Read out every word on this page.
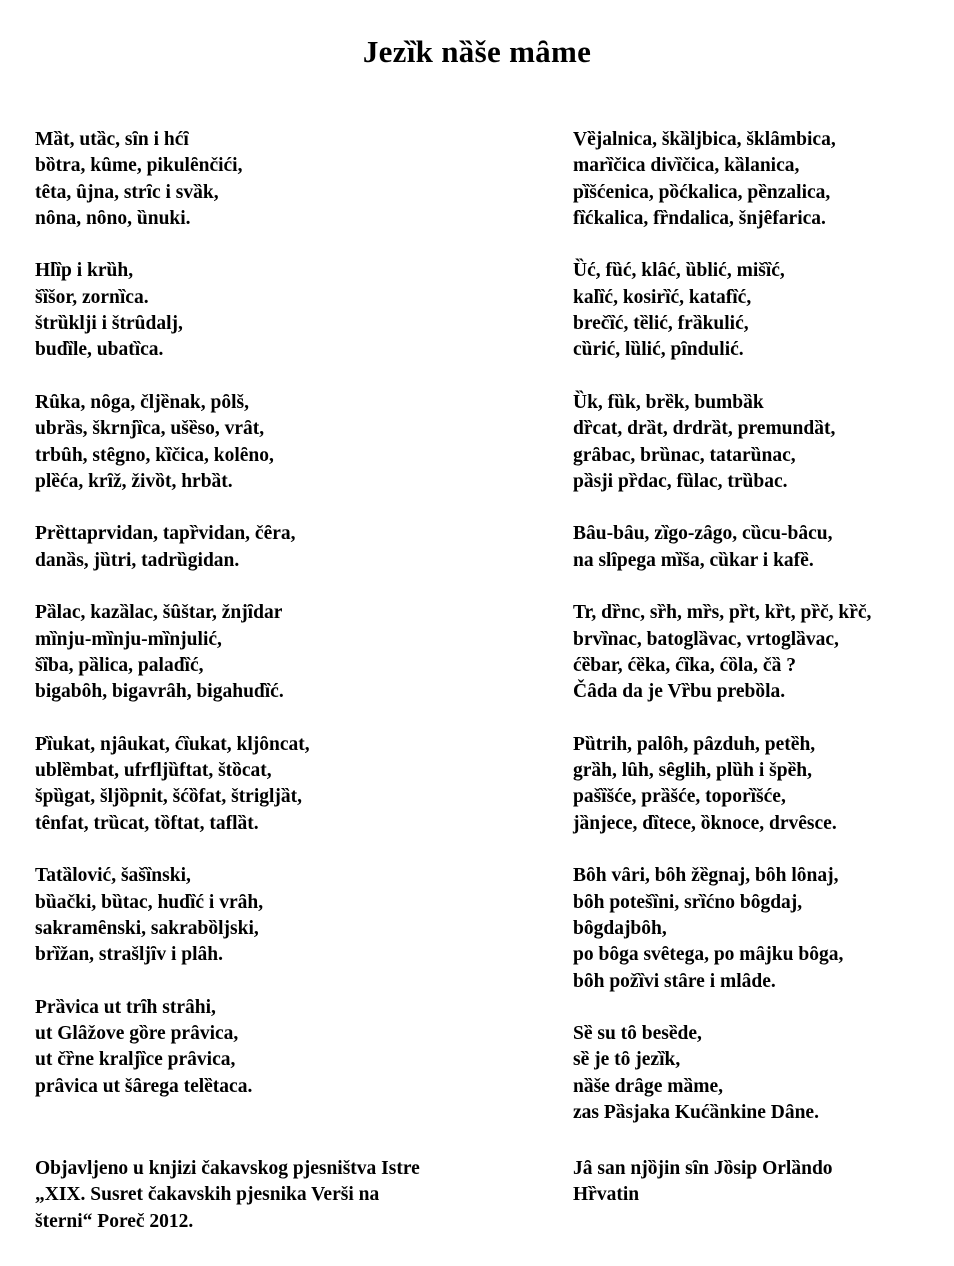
Jezȉk nȁše mȃme
Mȁt, utȁc, sȋn i hćȋ
bȍtra, kȗme, pikulȇnčići,
tȇta, ȗjna, strȋc i svȁk,
nȏna, nȏno, ȕnuki.
Hlȉp i krȕh,
šȉšor, zornȉca.
štrȕklji i štrȗdalj,
budȉle, ubatȉca.
Rȗka, nȏga, čljȅnak, pȏlš,
ubrȁs, škrnjȉca, ušȅso, vrȃt,
trbȗh, stȇgno, kȉčica, kolȇno,
plȅća, krȋž, živȍt, hrbȁt.
Prȅttaprvidan, tapȑvidan, čȇra,
danȁs, jȕtri, tadrȕgidan.
Pȁlac, kazȁlac, šȗštar, žnjȋdar
mȉnju-mȉnju-mȉnjulić,
šȉba, pȁlica, paladȉć,
bigabȏh, bigavrȃh, bigahudȉć.
Pȉukat, njȃukat, ćȉukat, kljȏncat,
ublȅmbat, ufrfljȕftat, štȍcat,
špȕgat, šljȍpnit, šćȍfat, štrigljȁt,
tȇnfat, trȕcat, tȍftat, taflȁt.
Tatȁlović, šašȉnski,
bȕački, bȕtac, hudȉć i vrȃh,
sakramȇnski, sakrabȍljski,
brȉžan, strašljȋv i plȃh.
Prȁvica ut trȋh strȃhi,
ut Glȃžove gȍre prȃvica,
ut čȑne kraljȉce prȃvica,
prȃvica ut šȃrega telȅtaca.
Vȅjalnica, škȁljbica, šklȃmbica,
marȉčica divȉčica, kȁlanica,
pȉšćenica, pȍćkalica, pȅnzalica,
fȉćkalica, fȑndalica, šnjȇfarica.
Ȕć, fȕć, klȃć, ȕblić, mišȉć,
kalȉć, kosirȉć, katafȉć,
brečȉć, tȅlić, frȁkulić,
cȕrić, lȕlić, pȋndulić.
Ȕk, fȕk, brȅk, bumbȁk
dȑcat, drȁt, drdrȁt, premundȁt,
grȃbac, brȕnac, tatarȕnac,
pȁsji pȑdac, fȕlac, trȕbac.
Bȃu-bȃu, zȉgo-zȃgo, cȕcu-bȃcu,
na slȋpega mȉša, cȕkar i kafȅ.
Tr, dȑnc, sȑh, mȑs, pȑt, kȑt, pȑč, kȑč,
brvȉnac, batoglȁvac, vrtoglȁvac,
ćȅbar, ćȅka, ćȉka, ćȍla, čȁ ?
Čȃda da je Vȑbu prebȍla.
Pȕtrih, palȏh, pȃzduh, petȅh,
grȁh, lȗh, sȇglih, plȕh i špȅh,
pašȉšće, prȁšće, toporȉšće,
jȁnjece, dȉtece, ȍknoce, drvȇsce.
Bȏh vȃri, bȏh žȅgnaj, bȏh lȏnaj,
bȏh potešȉni, srȉćno bȏgdaj,
bȏgdajbȏh,
po bȏga svȇtega, po mȃjku bȏga,
bȏh požȉvi stȃre i mlȃde.
Sȅ su tȏ besȅde,
sȅ je tȏ jezȉk,
nȁše drȃge mȁme,
zas Pȁsjaka Kućȁnkine Dȃne.
Objavljeno u knjizi čakavskog pjesništva Istre
„XIX. Susret čakavskih pjesnika Verši na
šterni“ Poreč 2012.
Jȃ san njȍjin sȋn Jȍsip Orlȁndo
Hȑvatin
